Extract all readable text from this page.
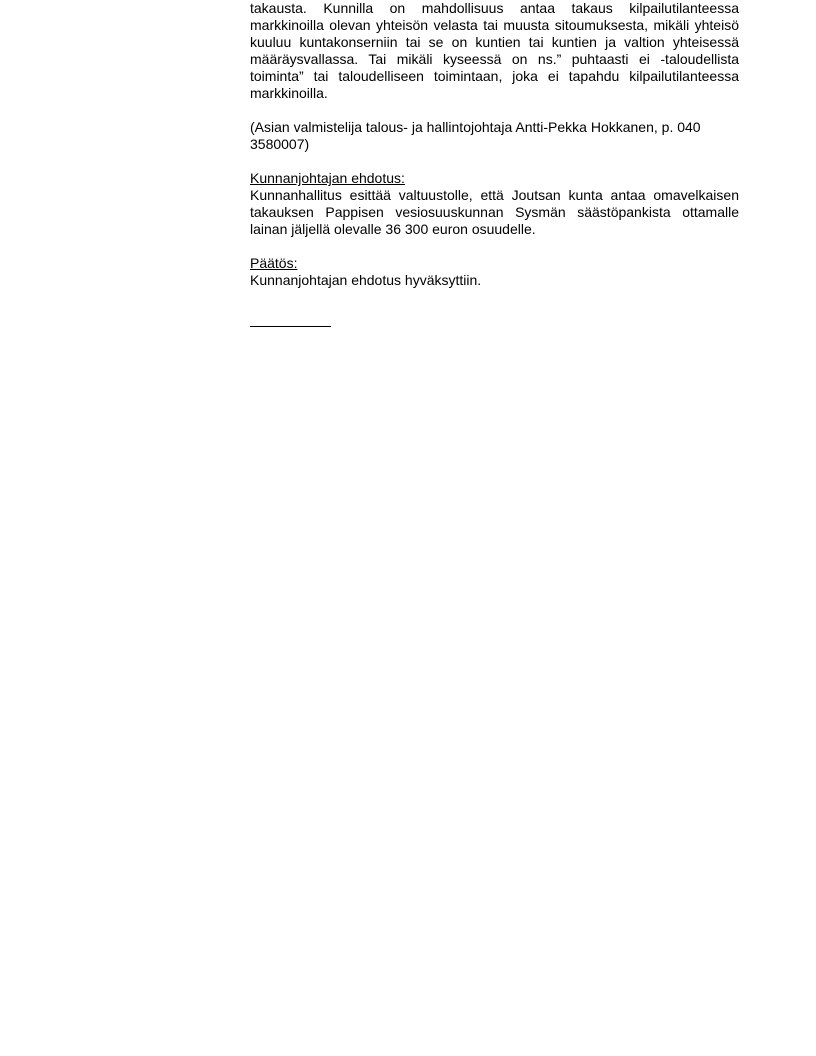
takausta. Kunnilla on mahdollisuus antaa takaus kilpailutilanteessa markkinoilla olevan yhteisön velasta tai muusta sitoumuksesta, mikäli yhteisö kuuluu kuntakonserniin tai se on kuntien tai kuntien ja valtion yhteisessä määräysvallassa. Tai mikäli kyseessä on ns.” puhtaasti ei -taloudellista toiminta” tai taloudelliseen toimintaan, joka ei tapahdu kilpailutilanteessa markkinoilla.

(Asian valmistelija talous- ja hallintojohtaja Antti-Pekka Hokkanen, p. 040
3580007)

Kunnanjohtajan ehdotus:

Kunnanhallitus esittää valtuustolle, että Joutsan kunta antaa omavelkaisen takauksen Pappisen vesiosuuskunnan Sysmän säästöpankista ottamalle lainan jäljellä olevalle 36 300 euron osuudelle.

Päätös:

Kunnanjohtajan ehdotus hyväksyttiin.
